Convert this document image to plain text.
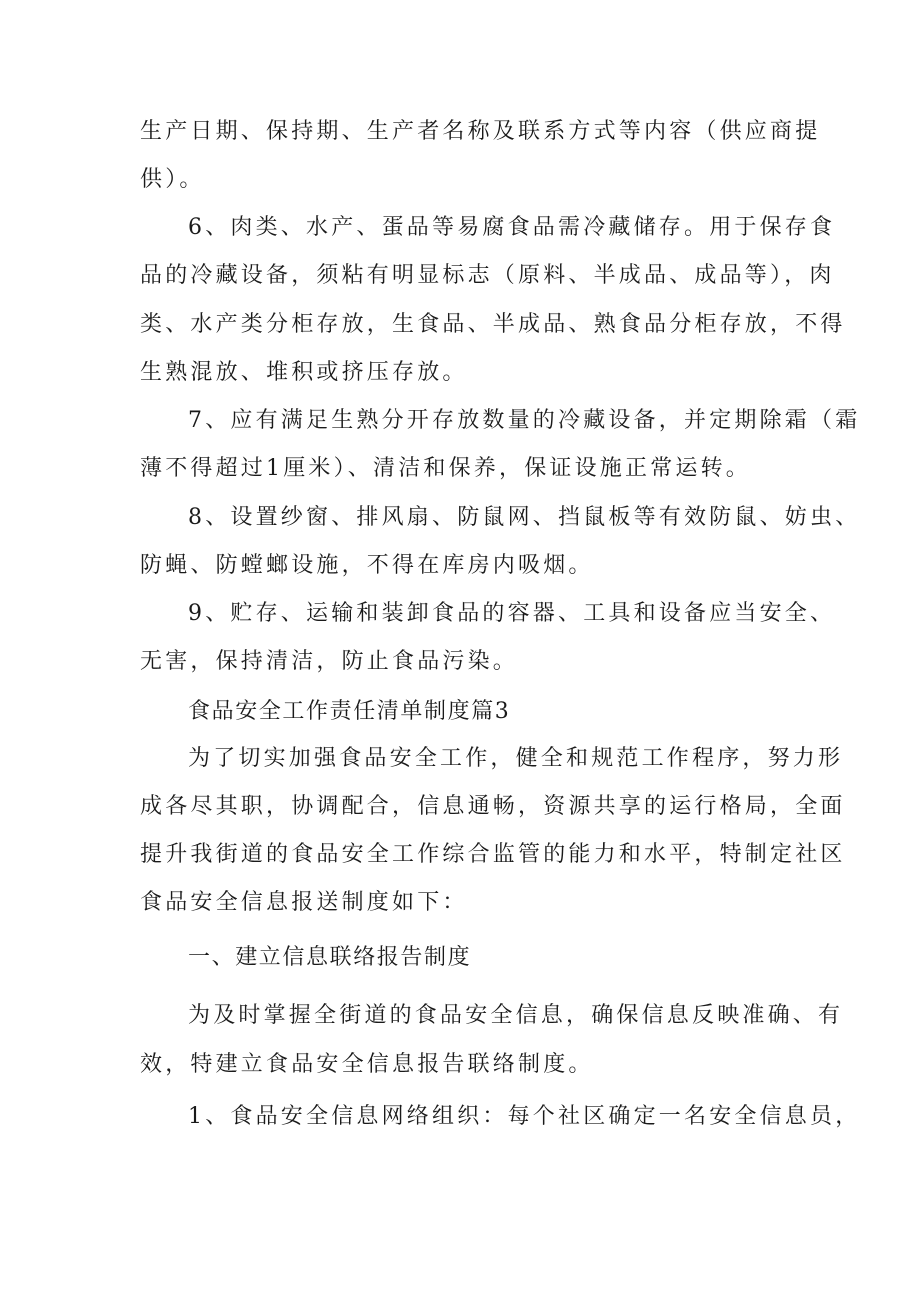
生产日期、保持期、生产者名称及联系方式等内容（供应商提
供）。
6、肉类、水产、蛋品等易腐食品需冷藏储存。用于保存食
品的冷藏设备，须粘有明显标志（原料、半成品、成品等），肉
类、水产类分柜存放，生食品、半成品、熟食品分柜存放，不得
生熟混放、堆积或挤压存放。
7、应有满足生熟分开存放数量的冷藏设备，并定期除霜（霜
薄不得超过1厘米）、清洁和保养，保证设施正常运转。
8、设置纱窗、排风扇、防鼠网、挡鼠板等有效防鼠、妨虫、
防蝇、防螳螂设施，不得在库房内吸烟。
9、贮存、运输和装卸食品的容器、工具和设备应当安全、
无害，保持清洁，防止食品污染。
食品安全工作责任清单制度篇3
为了切实加强食品安全工作，健全和规范工作程序，努力形
成各尽其职，协调配合，信息通畅，资源共享的运行格局，全面
提升我街道的食品安全工作综合监管的能力和水平，特制定社区
食品安全信息报送制度如下：
一、建立信息联络报告制度
为及时掌握全街道的食品安全信息，确保信息反映准确、有
效，特建立食品安全信息报告联络制度。
1、食品安全信息网络组织：每个社区确定一名安全信息员，
